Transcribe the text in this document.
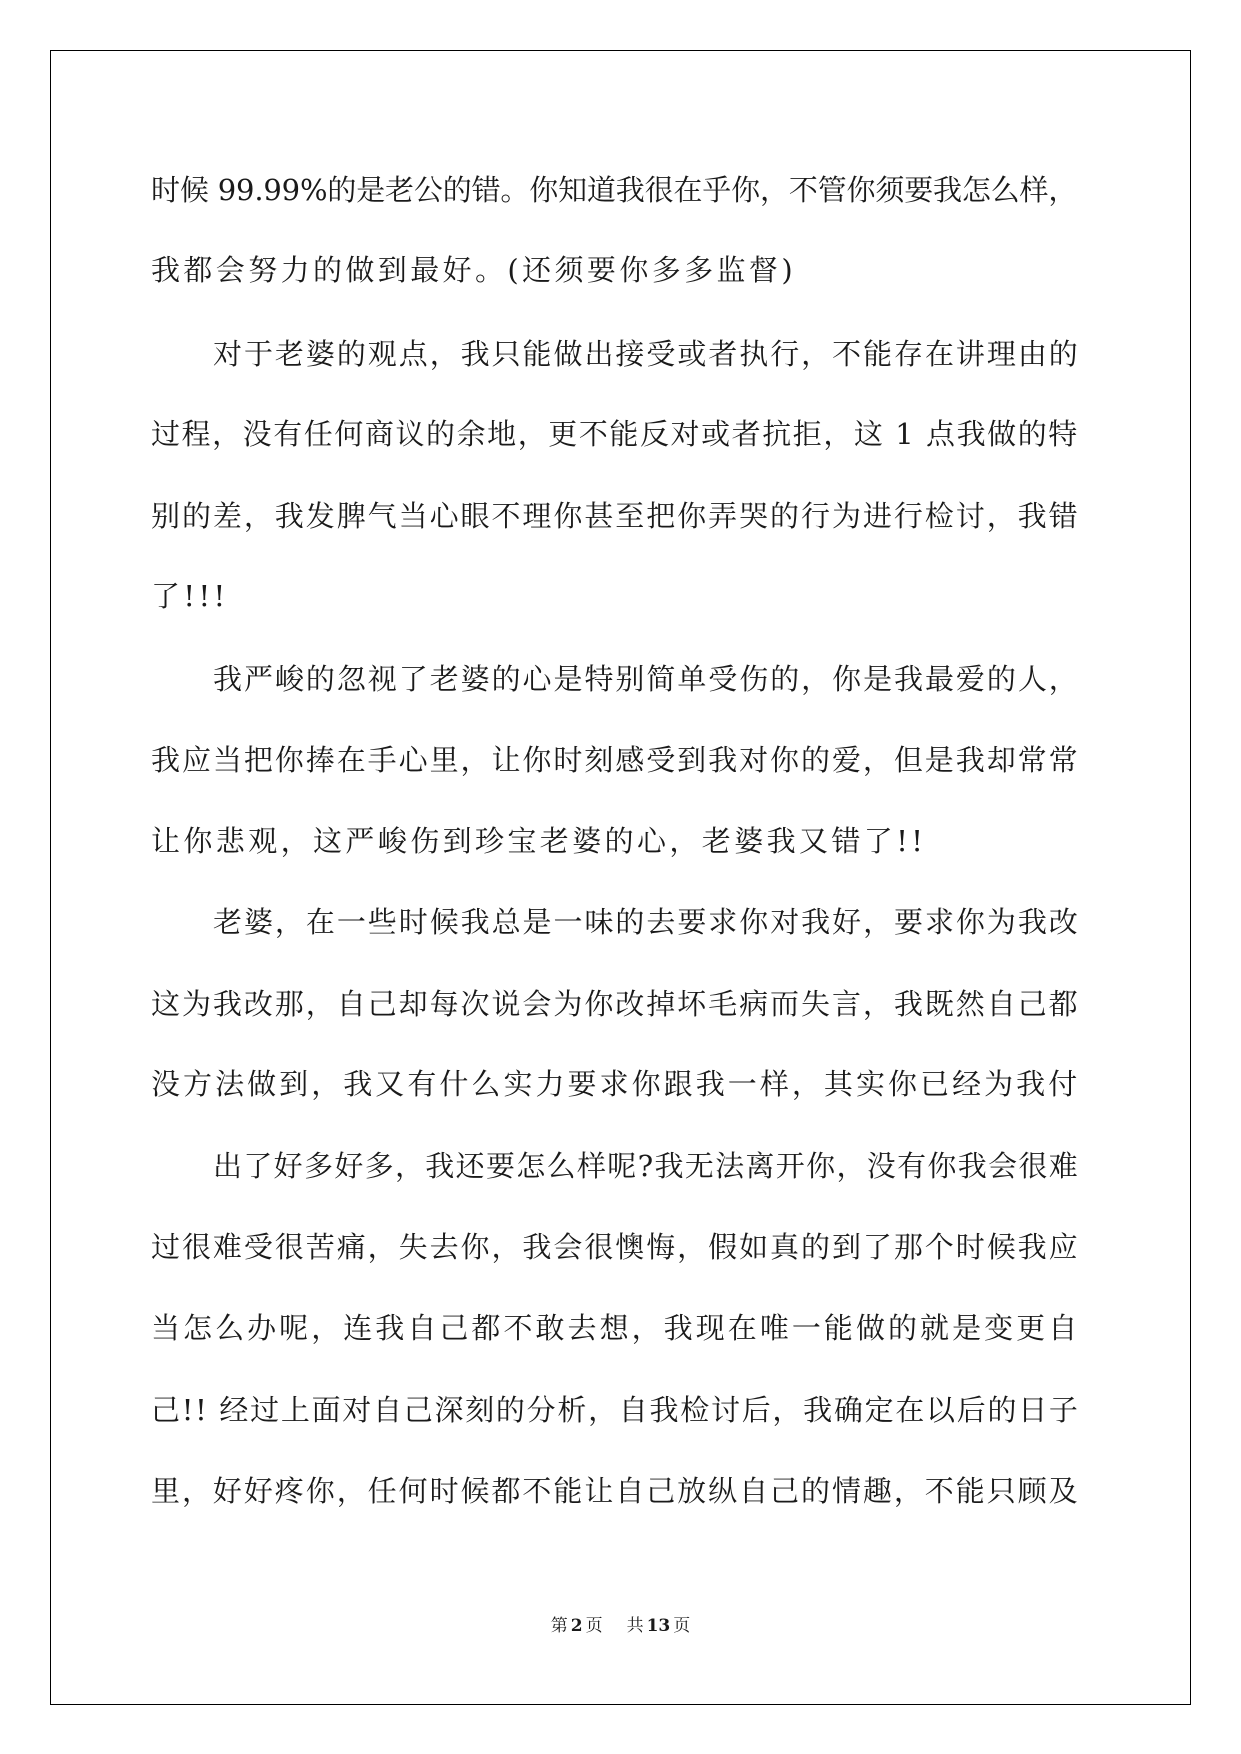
时候 99.99%的是老公的错。你知道我很在乎你，不管你须要我怎么样，
我都会努力的做到最好。(还须要你多多监督)
对于老婆的观点，我只能做出接受或者执行，不能存在讲理由的
过程，没有任何商议的余地，更不能反对或者抗拒，这 1 点我做的特
别的差，我发脾气当心眼不理你甚至把你弄哭的行为进行检讨，我错
了!!!
我严峻的忽视了老婆的心是特别简单受伤的，你是我最爱的人，
我应当把你捧在手心里，让你时刻感受到我对你的爱，但是我却常常
让你悲观，这严峻伤到珍宝老婆的心，老婆我又错了!!
老婆，在一些时候我总是一味的去要求你对我好，要求你为我改
这为我改那，自己却每次说会为你改掉坏毛病而失言，我既然自己都
没方法做到，我又有什么实力要求你跟我一样，其实你已经为我付
出了好多好多，我还要怎么样呢?我无法离开你，没有你我会很难
过很难受很苦痛，失去你，我会很懊悔，假如真的到了那个时候我应
当怎么办呢，连我自己都不敢去想，我现在唯一能做的就是变更自
己!! 经过上面对自己深刻的分析，自我检讨后，我确定在以后的日子
里，好好疼你，任何时候都不能让自己放纵自己的情趣，不能只顾及
第 2 页 共 13 页
